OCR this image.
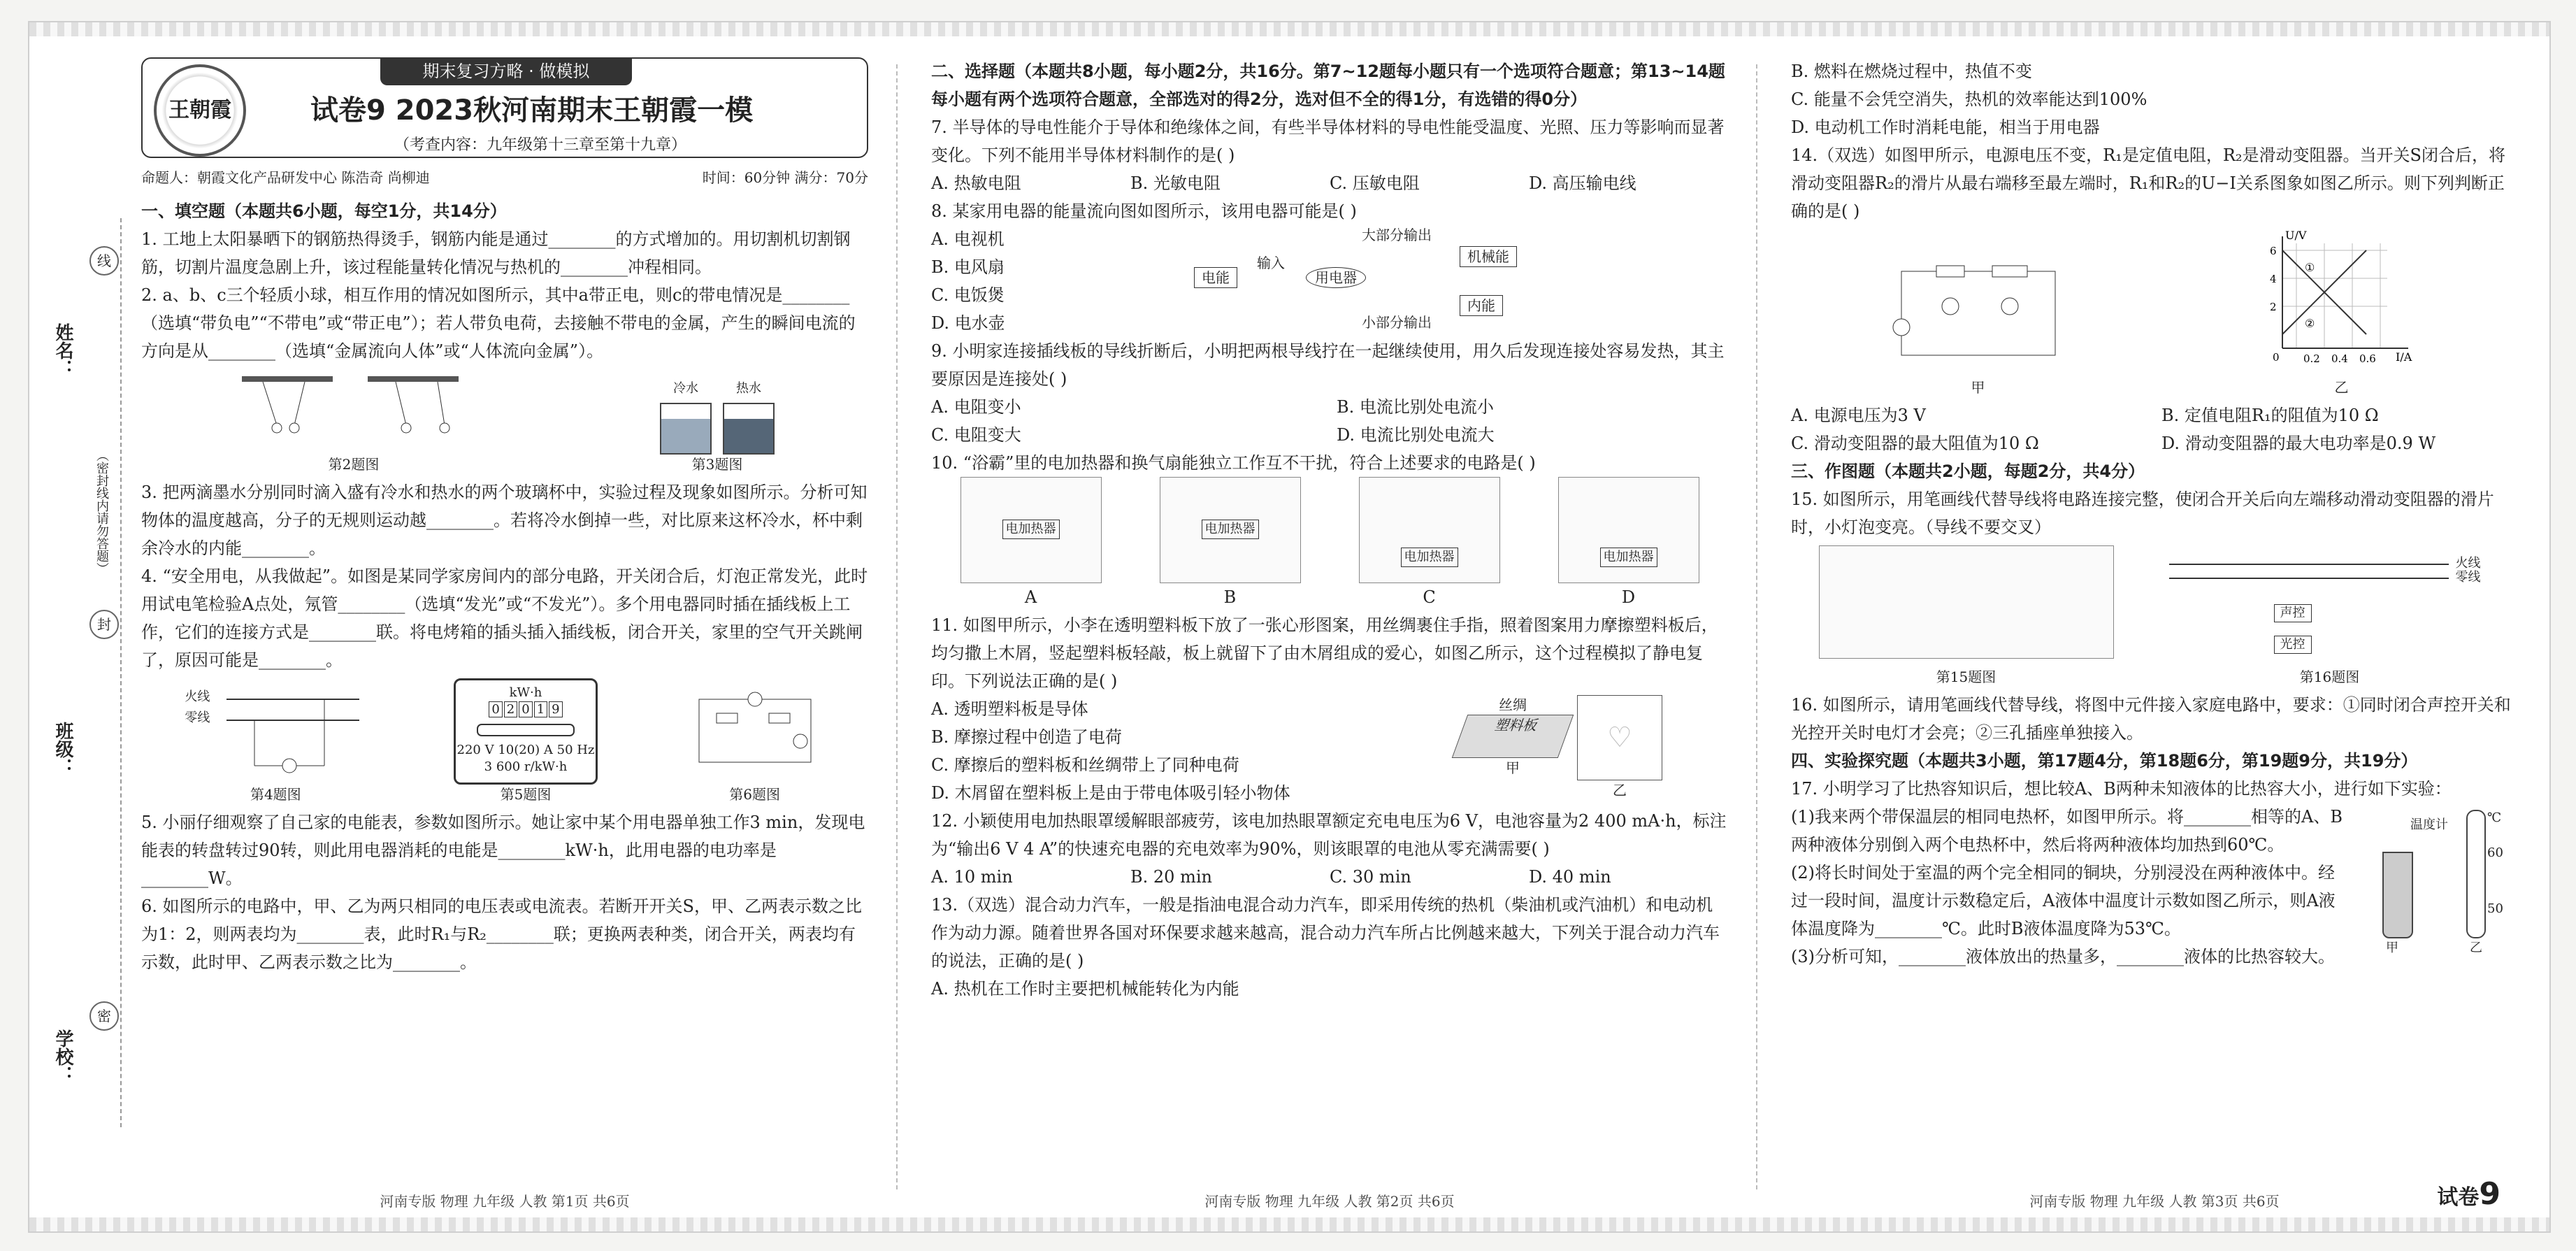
姓名：
班级：
学校：
线
封
密
（密封线内请勿答题）
期末复习方略 · 做模拟
王朝霞	试卷9 2023秋河南期末王朝霞一模
（考查内容：九年级第十三章至第十九章）
命题人：朝霞文化产品研发中心 陈浩奇 尚柳迪	时间：60分钟 满分：70分
一、填空题（本题共6小题，每空1分，共14分）

1. 工地上太阳暴晒下的钢筋热得烫手，钢筋内能是通过________的方式增加的。用切割机切割钢筋，切割片温度急剧上升，该过程能量转化情况与热机的________冲程相同。

2. a、b、c三个轻质小球，相互作用的情况如图所示，其中a带正电，则c的带电情况是________（选填“带负电”“不带电”或“带正电”）；若人带负电荷，去接触不带电的金属，产生的瞬间电流的方向是从________（选填“金属流向人体”或“人体流向金属”）。

第2题图
冷水	热水
第3题图

3. 把两滴墨水分别同时滴入盛有冷水和热水的两个玻璃杯中，实验过程及现象如图所示。分析可知物体的温度越高，分子的无规则运动越________。若将冷水倒掉一些，对比原来这杯冷水，杯中剩余冷水的内能________。

4. “安全用电，从我做起”。如图是某同学家房间内的部分电路，开关闭合后，灯泡正常发光，此时用试电笔检验A点处，氖管________（选填“发光”或“不发光”）。多个用电器同时插在插线板上工作，它们的连接方式是________联。将电烤箱的插头插入插线板，闭合开关，家里的空气开关跳闸了，原因可能是________。

火线
零线
第4题图
kW·h
0 2 0 1 9
220 V 10(20) A 50 Hz
3 600 r/kW·h
第5题图	第6题图

5. 小丽仔细观察了自己家的电能表，参数如图所示。她让家中某个用电器单独工作3 min，发现电能表的转盘转过90转，则此用电器消耗的电能是________kW·h，此用电器的电功率是________W。

6. 如图所示的电路中，甲、乙为两只相同的电压表或电流表。若断开开关S，甲、乙两表示数之比为1：2，则两表均为________表，此时R₁与R₂________联；更换两表种类，闭合开关，两表均有示数，此时甲、乙两表示数之比为________。

河南专版 物理 九年级 人教 第1页 共6页
二、选择题（本题共8小题，每小题2分，共16分。第7~12题每小题只有一个选项符合题意；第13~14题每小题有两个选项符合题意，全部选对的得2分，选对但不全的得1分，有选错的得0分）

7. 半导体的导电性能介于导体和绝缘体之间，有些半导体材料的导电性能受温度、光照、压力等影响而显著变化。下列不能用半导体材料制作的是( )

A. 热敏电阻	B. 光敏电阻	C. 压敏电阻	D. 高压输电线

8. 某家用电器的能量流向图如图所示，该用电器可能是( )

A. 电视机
B. 电风扇
C. 电饭煲
D. 电水壶
电能
输入
用电器
大部分输出
小部分输出
机械能
内能

9. 小明家连接插线板的导线折断后，小明把两根导线拧在一起继续使用，用久后发现连接处容易发热，其主要原因是连接处( )

A. 电阻变小	B. 电流比别处电流小
C. 电阻变大	D. 电流比别处电流大

10. “浴霸”里的电加热器和换气扇能独立工作互不干扰，符合上述要求的电路是( )

电加热器
A
电加热器
B
电加热器
C
电加热器
D

11. 如图甲所示，小李在透明塑料板下放了一张心形图案，用丝绸裹住手指，照着图案用力摩擦塑料板后，均匀撒上木屑，竖起塑料板轻敲，板上就留下了由木屑组成的爱心，如图乙所示，这个过程模拟了静电复印。下列说法正确的是( )

A. 透明塑料板是导体
B. 摩擦过程中创造了电荷
C. 摩擦后的塑料板和丝绸带上了同种电荷
D. 木屑留在塑料板上是由于带电体吸引轻小物体
丝绸
塑料板
甲
♡
乙

12. 小颖使用电加热眼罩缓解眼部疲劳，该电加热眼罩额定充电电压为6 V，电池容量为2 400 mA·h，标注为“输出6 V 4 A”的快速充电器的充电效率为90%，则该眼罩的电池从零充满需要( )

A. 10 min	B. 20 min	C. 30 min	D. 40 min

13.（双选）混合动力汽车，一般是指油电混合动力汽车，即采用传统的热机（柴油机或汽油机）和电动机作为动力源。随着世界各国对环保要求越来越高，混合动力汽车所占比例越来越大，下列关于混合动力汽车的说法，正确的是( )

A. 热机在工作时主要把机械能转化为内能
河南专版 物理 九年级 人教 第2页 共6页
B. 燃料在燃烧过程中，热值不变
C. 能量不会凭空消失，热机的效率能达到100%
D. 电动机工作时消耗电能，相当于用电器

14.（双选）如图甲所示，电源电压不变，R₁是定值电阻，R₂是滑动变阻器。当开关S闭合后，将滑动变阻器R₂的滑片从最右端移至最左端时，R₁和R₂的U−I关系图象如图乙所示。则下列判断正确的是( )

甲
U/V
I/A
6
4
2
0.2 0.4 0.6
0
①
②
乙
A. 电源电压为3 V	B. 定值电阻R₁的阻值为10 Ω
C. 滑动变阻器的最大阻值为10 Ω	D. 滑动变阻器的最大电功率是0.9 W
三、作图题（本题共2小题，每题2分，共4分）

15. 如图所示，用笔画线代替导线将电路连接完整，使闭合开关后向左端移动滑动变阻器的滑片时，小灯泡变亮。（导线不要交叉）

第15题图
火线
零线
声控
光控
第16题图

16. 如图所示，请用笔画线代替导线，将图中元件接入家庭电路中，要求：①同时闭合声控开关和光控开关时电灯才会亮；②三孔插座单独接入。

四、实验探究题（本题共3小题，第17题4分，第18题6分，第19题9分，共19分）

17. 小明学习了比热容知识后，想比较A、B两种未知液体的比热容大小，进行如下实验：

(1)我来两个带保温层的相同电热杯，如图甲所示。将________相等的A、B两种液体分别倒入两个电热杯中，然后将两种液体均加热到60℃。

(2)将长时间处于室温的两个完全相同的铜块，分别浸没在两种液体中。经过一段时间，温度计示数稳定后，A液体中温度计示数如图乙所示，则A液体温度降为________℃。此时B液体温度降为53℃。

(3)分析可知，________液体放出的热量多，________液体的比热容较大。

温度计
甲
℃
60
50
乙
河南专版 物理 九年级 人教 第3页 共6页	试卷9
